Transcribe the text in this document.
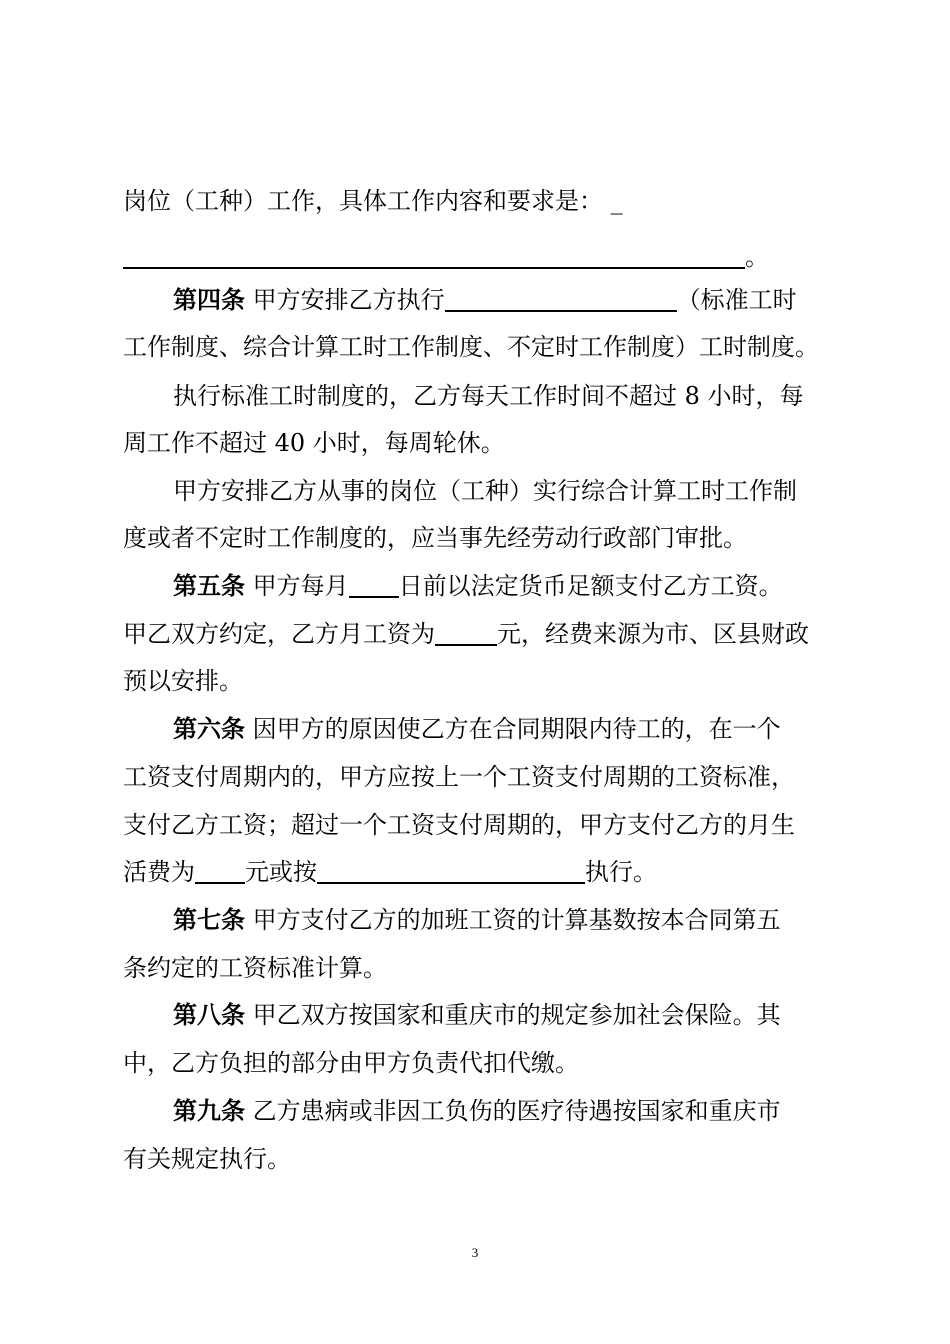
岗位（工种）工作，具体工作内容和要求是： _
。
第四条 甲方安排乙方执行	（标准工时
工作制度、综合计算工时工作制度、不定时工作制度）工时制度。
执行标准工时制度的，乙方每天工作时间不超过 8 小时，每
周工作不超过 40 小时，每周轮休。
甲方安排乙方从事的岗位（工种）实行综合计算工时工作制
度或者不定时工作制度的，应当事先经劳动行政部门审批。
第五条 甲方每月 日前以法定货币足额支付乙方工资。
甲乙双方约定，乙方月工资为	元，经费来源为市、区县财政
预以安排。
第六条 因甲方的原因使乙方在合同期限内待工的，在一个
工资支付周期内的，甲方应按上一个工资支付周期的工资标准，
支付乙方工资；超过一个工资支付周期的，甲方支付乙方的月生
活费为 元或按	执行。
第七条 甲方支付乙方的加班工资的计算基数按本合同第五
条约定的工资标准计算。
第八条 甲乙双方按国家和重庆市的规定参加社会保险。其
中，乙方负担的部分由甲方负责代扣代缴。
第九条 乙方患病或非因工负伤的医疗待遇按国家和重庆市
有关规定执行。
3
